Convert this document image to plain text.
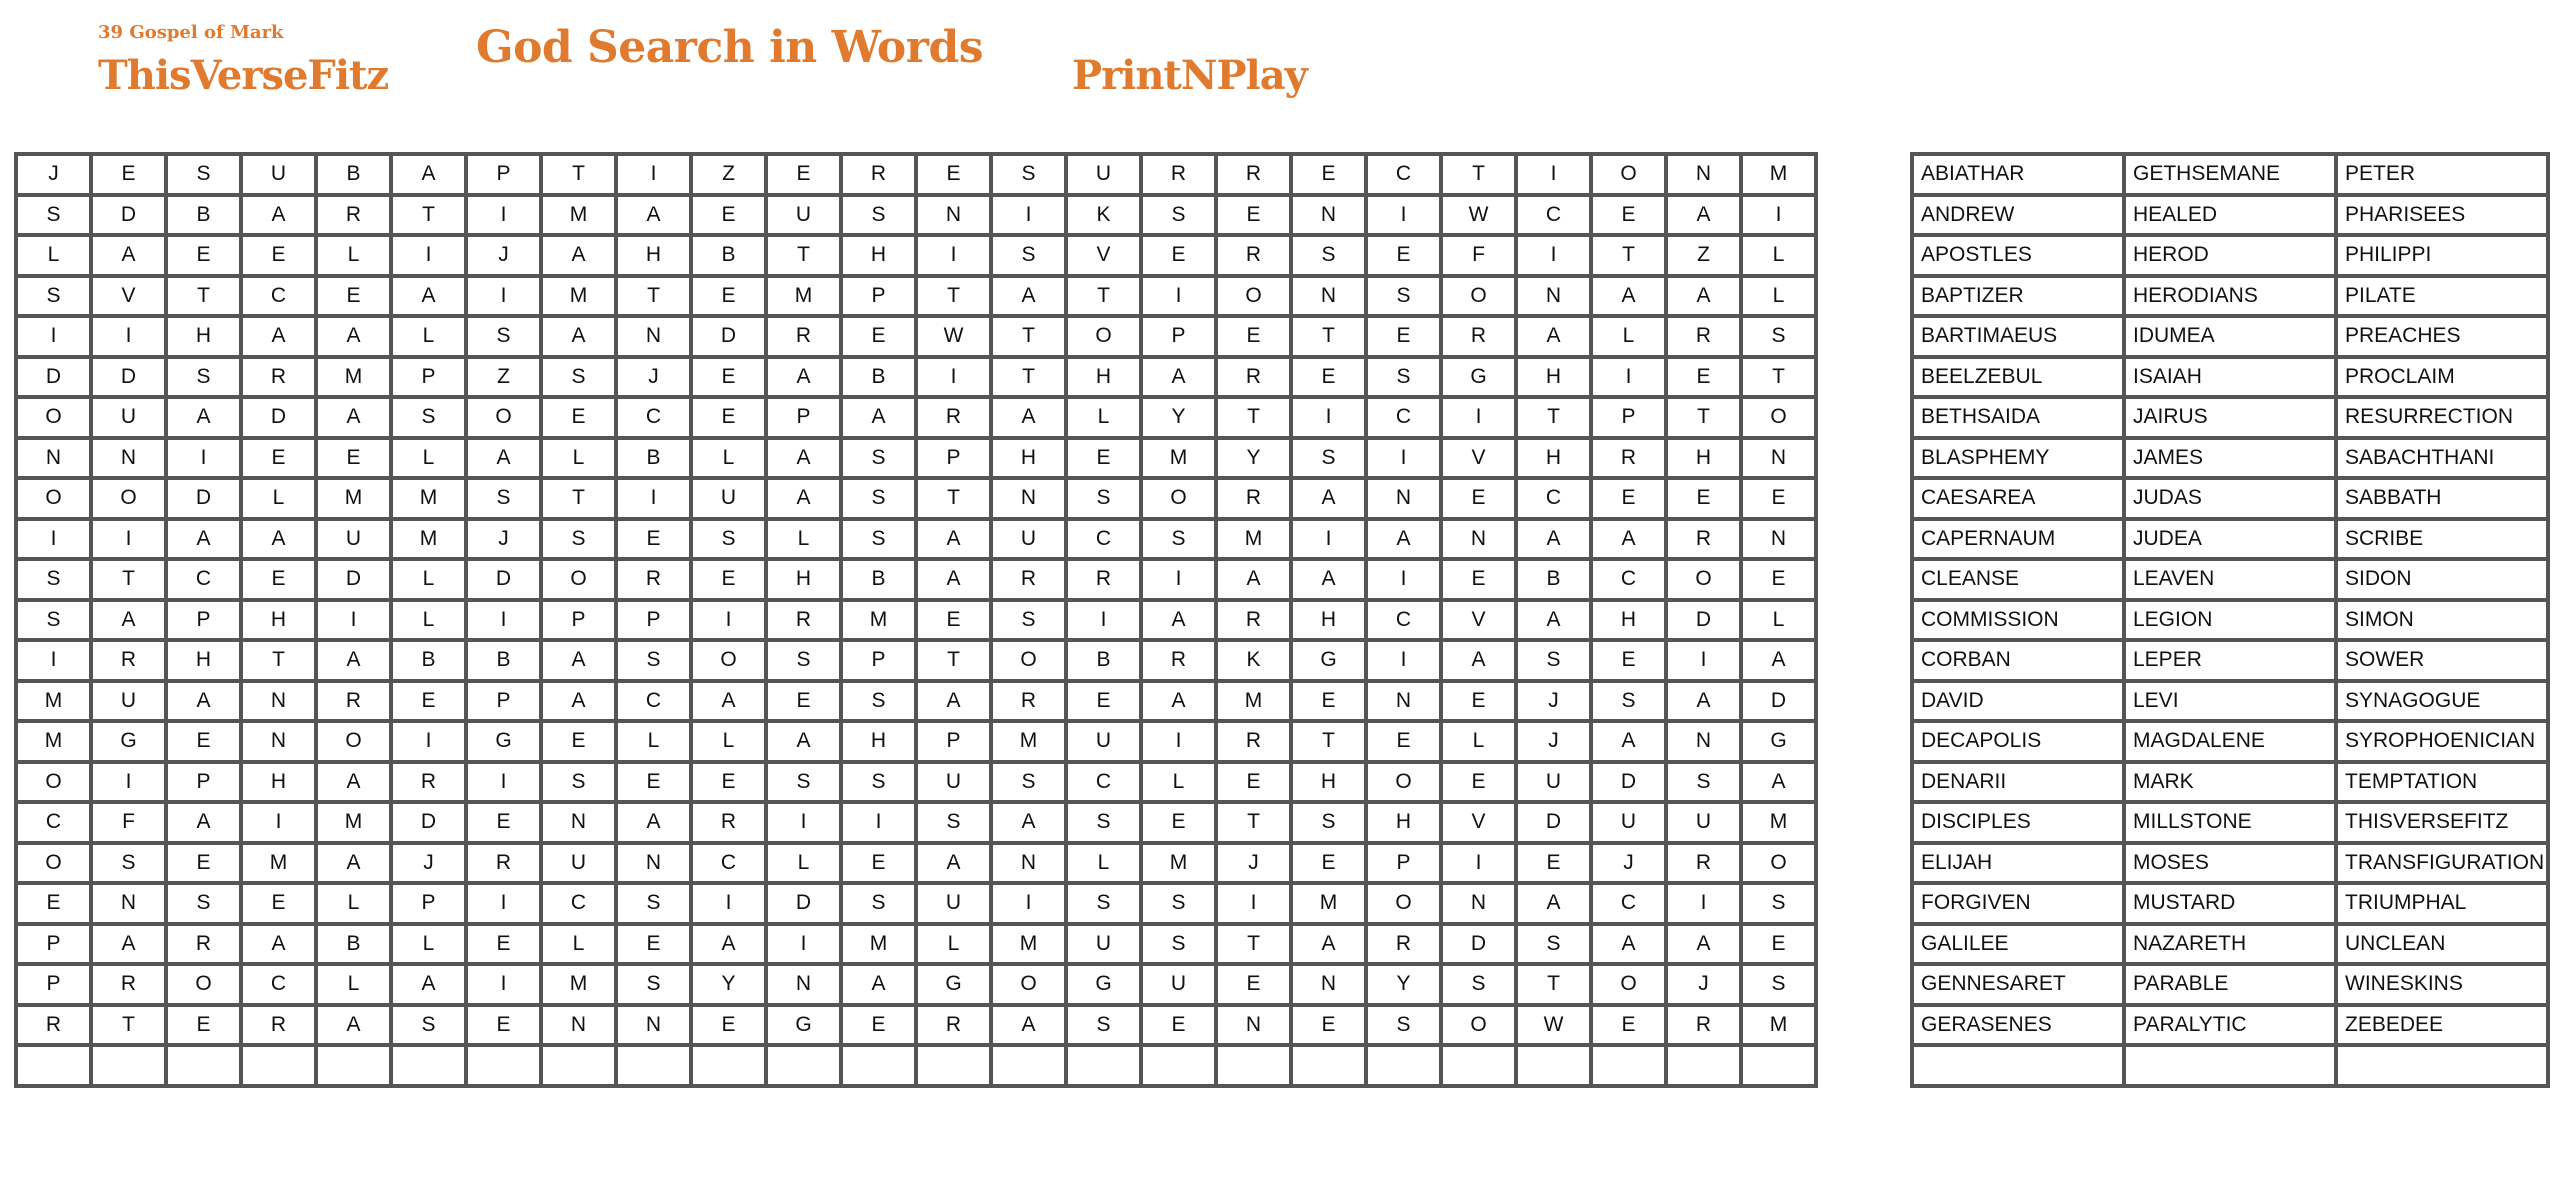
39 Gospel of Mark
ThisVerseFitz
God Search in Words
PrintNPlay
J	E	S	U	B	A	P	T	I	Z	E	R	E	S	U	R	R	E	C	T	I	O	N	M
S	D	B	A	R	T	I	M	A	E	U	S	N	I	K	S	E	N	I	W	C	E	A	I
L	A	E	E	L	I	J	A	H	B	T	H	I	S	V	E	R	S	E	F	I	T	Z	L
S	V	T	C	E	A	I	M	T	E	M	P	T	A	T	I	O	N	S	O	N	A	A	L
I	I	H	A	A	L	S	A	N	D	R	E	W	T	O	P	E	T	E	R	A	L	R	S
D	D	S	R	M	P	Z	S	J	E	A	B	I	T	H	A	R	E	S	G	H	I	E	T
O	U	A	D	A	S	O	E	C	E	P	A	R	A	L	Y	T	I	C	I	T	P	T	O
N	N	I	E	E	L	A	L	B	L	A	S	P	H	E	M	Y	S	I	V	H	R	H	N
O	O	D	L	M	M	S	T	I	U	A	S	T	N	S	O	R	A	N	E	C	E	E	E
I	I	A	A	U	M	J	S	E	S	L	S	A	U	C	S	M	I	A	N	A	A	R	N
S	T	C	E	D	L	D	O	R	E	H	B	A	R	R	I	A	A	I	E	B	C	O	E
S	A	P	H	I	L	I	P	P	I	R	M	E	S	I	A	R	H	C	V	A	H	D	L
I	R	H	T	A	B	B	A	S	O	S	P	T	O	B	R	K	G	I	A	S	E	I	A
M	U	A	N	R	E	P	A	C	A	E	S	A	R	E	A	M	E	N	E	J	S	A	D
M	G	E	N	O	I	G	E	L	L	A	H	P	M	U	I	R	T	E	L	J	A	N	G
O	I	P	H	A	R	I	S	E	E	S	S	U	S	C	L	E	H	O	E	U	D	S	A
C	F	A	I	M	D	E	N	A	R	I	I	S	A	S	E	T	S	H	V	D	U	U	M
O	S	E	M	A	J	R	U	N	C	L	E	A	N	L	M	J	E	P	I	E	J	R	O
E	N	S	E	L	P	I	C	S	I	D	S	U	I	S	S	I	M	O	N	A	C	I	S
P	A	R	A	B	L	E	L	E	A	I	M	L	M	U	S	T	A	R	D	S	A	A	E
P	R	O	C	L	A	I	M	S	Y	N	A	G	O	G	U	E	N	Y	S	T	O	J	S
R	T	E	R	A	S	E	N	N	E	G	E	R	A	S	E	N	E	S	O	W	E	R	M

ABIATHAR	GETHSEMANE	PETER
ANDREW	HEALED	PHARISEES
APOSTLES	HEROD	PHILIPPI
BAPTIZER	HERODIANS	PILATE
BARTIMAEUS	IDUMEA	PREACHES
BEELZEBUL	ISAIAH	PROCLAIM
BETHSAIDA	JAIRUS	RESURRECTION
BLASPHEMY	JAMES	SABACHTHANI
CAESAREA	JUDAS	SABBATH
CAPERNAUM	JUDEA	SCRIBE
CLEANSE	LEAVEN	SIDON
COMMISSION	LEGION	SIMON
CORBAN	LEPER	SOWER
DAVID	LEVI	SYNAGOGUE
DECAPOLIS	MAGDALENE	SYROPHOENICIAN
DENARII	MARK	TEMPTATION
DISCIPLES	MILLSTONE	THISVERSEFITZ
ELIJAH	MOSES	TRANSFIGURATION
FORGIVEN	MUSTARD	TRIUMPHAL
GALILEE	NAZARETH	UNCLEAN
GENNESARET	PARABLE	WINESKINS
GERASENES	PARALYTIC	ZEBEDEE
